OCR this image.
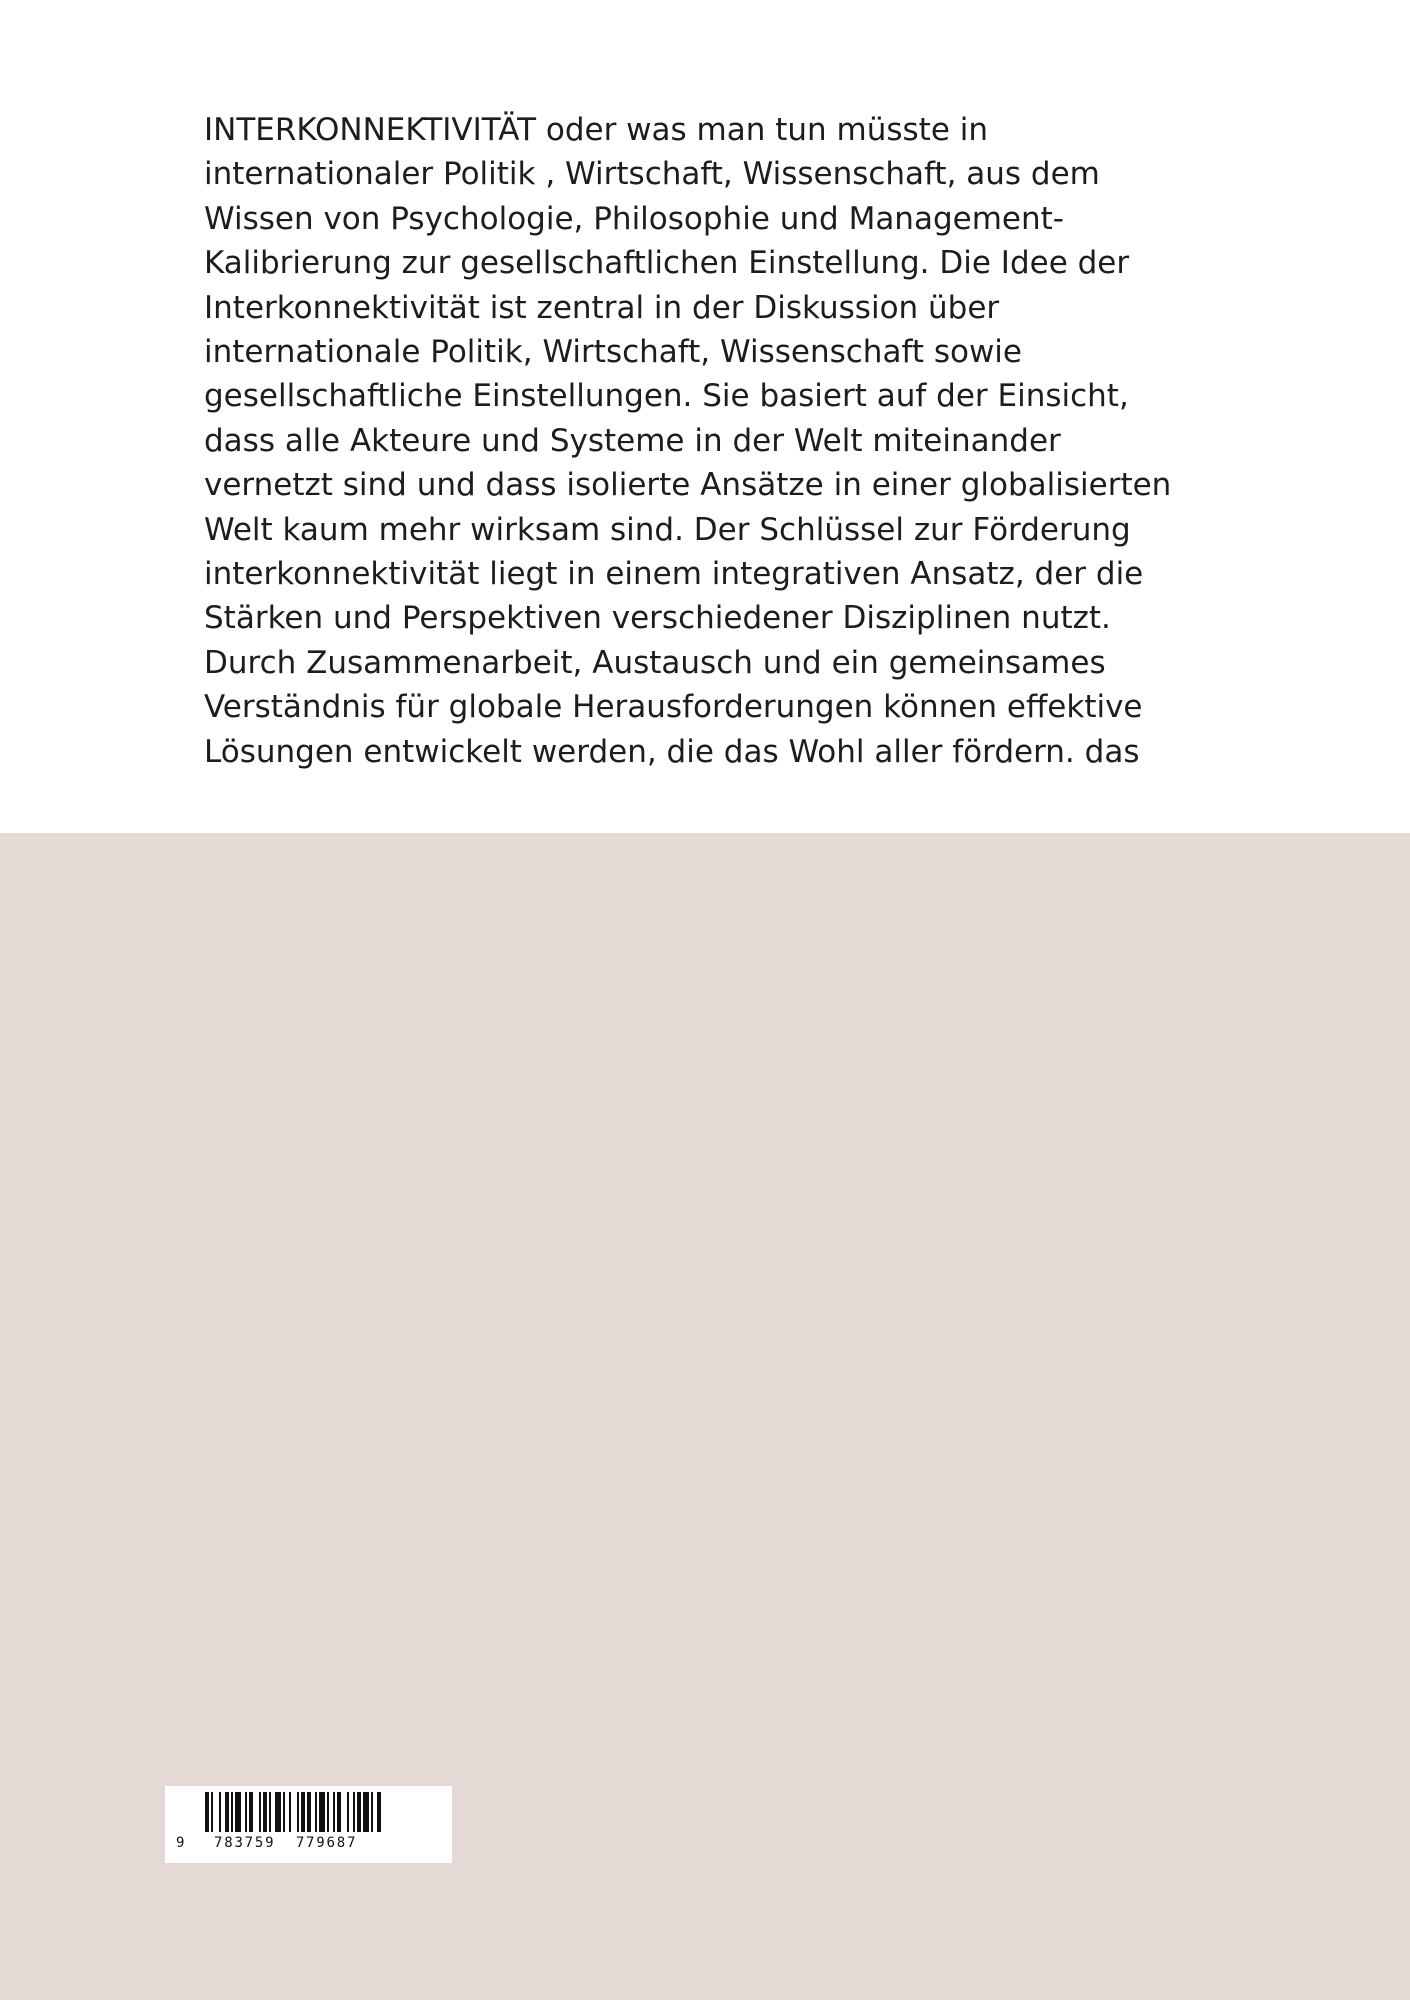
INTERKONNEKTIVITÄT oder was man tun müsste in
internationaler Politik , Wirtschaft, Wissenschaft, aus dem
Wissen von Psychologie, Philosophie und Management-
Kalibrierung zur gesellschaftlichen Einstellung. Die Idee der
Interkonnektivität ist zentral in der Diskussion über
internationale Politik, Wirtschaft, Wissenschaft sowie
gesellschaftliche Einstellungen. Sie basiert auf der Einsicht,
dass alle Akteure und Systeme in der Welt miteinander
vernetzt sind und dass isolierte Ansätze in einer globalisierten
Welt kaum mehr wirksam sind. Der Schlüssel zur Förderung
interkonnektivität liegt in einem integrativen Ansatz, der die
Stärken und Perspektiven verschiedener Disziplinen nutzt.
Durch Zusammenarbeit, Austausch und ein gemeinsames
Verständnis für globale Herausforderungen können effektive
Lösungen entwickelt werden, die das Wohl aller fördern. das

9 783759  779687
